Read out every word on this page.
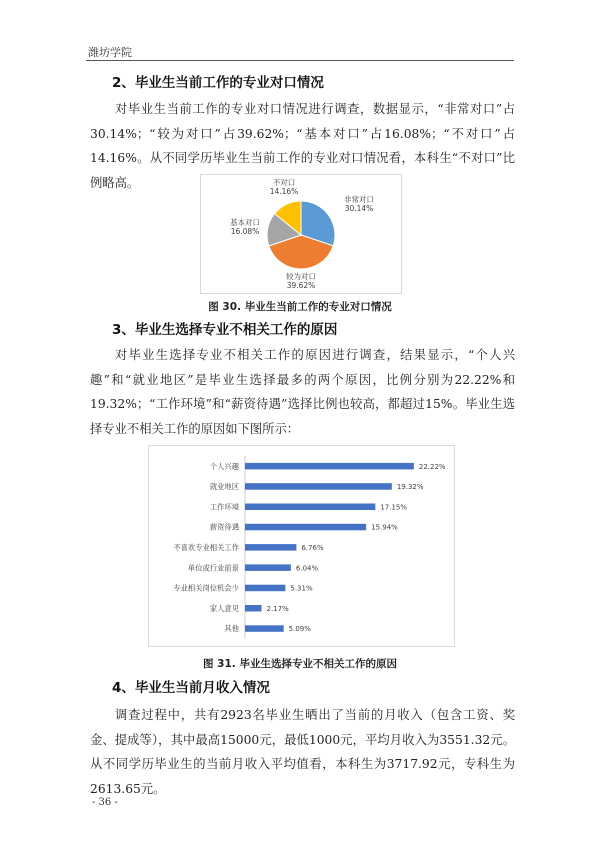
潍坊学院
2、毕业生当前工作的专业对口情况

对毕业生当前工作的专业对口情况进行调查，数据显示，“非常对口”占30.14%；“较为对口”占39.62%；“基本对口”占16.08%；“不对口”占14.16%。从不同学历毕业生当前工作的专业对口情况看，本科生“不对口”比例略高。

非常对口
30.14%
较为对口
39.62%
基本对口
16.08%
不对口
14.16%
图 30. 毕业生当前工作的专业对口情况
3、毕业生选择专业不相关工作的原因

对毕业生选择专业不相关工作的原因进行调查，结果显示，“个人兴趣”和“就业地区”是毕业生选择最多的两个原因，比例分别为22.22%和19.32%；“工作环境”和“薪资待遇”选择比例也较高，都超过15%。毕业生选择专业不相关工作的原因如下图所示：

个人兴趣	22.22%
就业地区	19.32%
工作环境	17.15%
薪资待遇	15.94%
不喜欢专业相关工作	6.76%
单位或行业前景	6.04%
专业相关岗位机会少	5.31%
家人意见	2.17%
其他	5.09%
图 31. 毕业生选择专业不相关工作的原因
4、毕业生当前月收入情况

调查过程中，共有2923名毕业生晒出了当前的月收入（包含工资、奖金、提成等），其中最高15000元，最低1000元，平均月收入为3551.32元。从不同学历毕业生的当前月收入平均值看，本科生为3717.92元，专科生为2613.65元。

- 36 -
